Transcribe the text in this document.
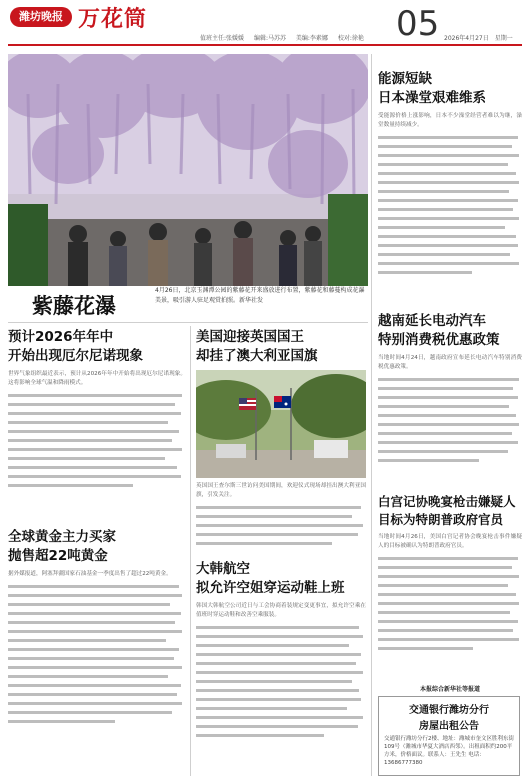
潍坊晚报 万花筒
值班主任:张媛媛 编辑:马苏苏 美编:李素娜 校对:徐艳 05 2026年4月27日　星期一
紫藤花瀑
4月26日，北京玉渊潭公园的紫藤花开来盛放进行布置，紫藤花和藤蔓构成花瀑美景，吸引游人驻足观赏拍照。新华社发
预计2026年年中
开始出现厄尔尼诺现象
世界气象组织最近表示，预计从2026年年中开始将出现厄尔尼诺现象。这将影响全球气温和降雨模式。
全球黄金主力买家
抛售超22吨黄金
据外媒报道，阿塞拜疆国家石油基金一季度出售了超过22吨黄金。
美国迎接英国国王
却挂了澳大利亚国旗
英国国王查尔斯三世访问美国期间，欢迎仪式现场却挂出澳大利亚国旗，引发关注。
大韩航空
拟允许空姐穿运动鞋上班
韩国大韩航空公司近日与工会协商着装规定变更事宜，拟允许空乘在值班时穿运动鞋和改善空乘服装。
能源短缺
日本澡堂艰难维系
受能源价格上涨影响，日本不少澡堂经营者难以为继，澡堂数量持续减少。
越南延长电动汽车
特别消费税优惠政策
当地时间4月24日，越南政府宣布延长电动汽车特别消费税优惠政策。
白宫记协晚宴枪击嫌疑人
目标为特朗普政府官员
当地时间4月26日，美国白宫记者协会晚宴枪击事件嫌疑人的目标被确认为特朗普政府官员。
本报综合新华社等报道
交通银行潍坊分行
房屋出租公告
交通银行潍坊分行2楼、地址：潍城市奎文区胜利东街109号（潍城市华夏大酒店西邻）。出租面积约200平方米，价格面议。联系人：王先生 电话：13686777380
